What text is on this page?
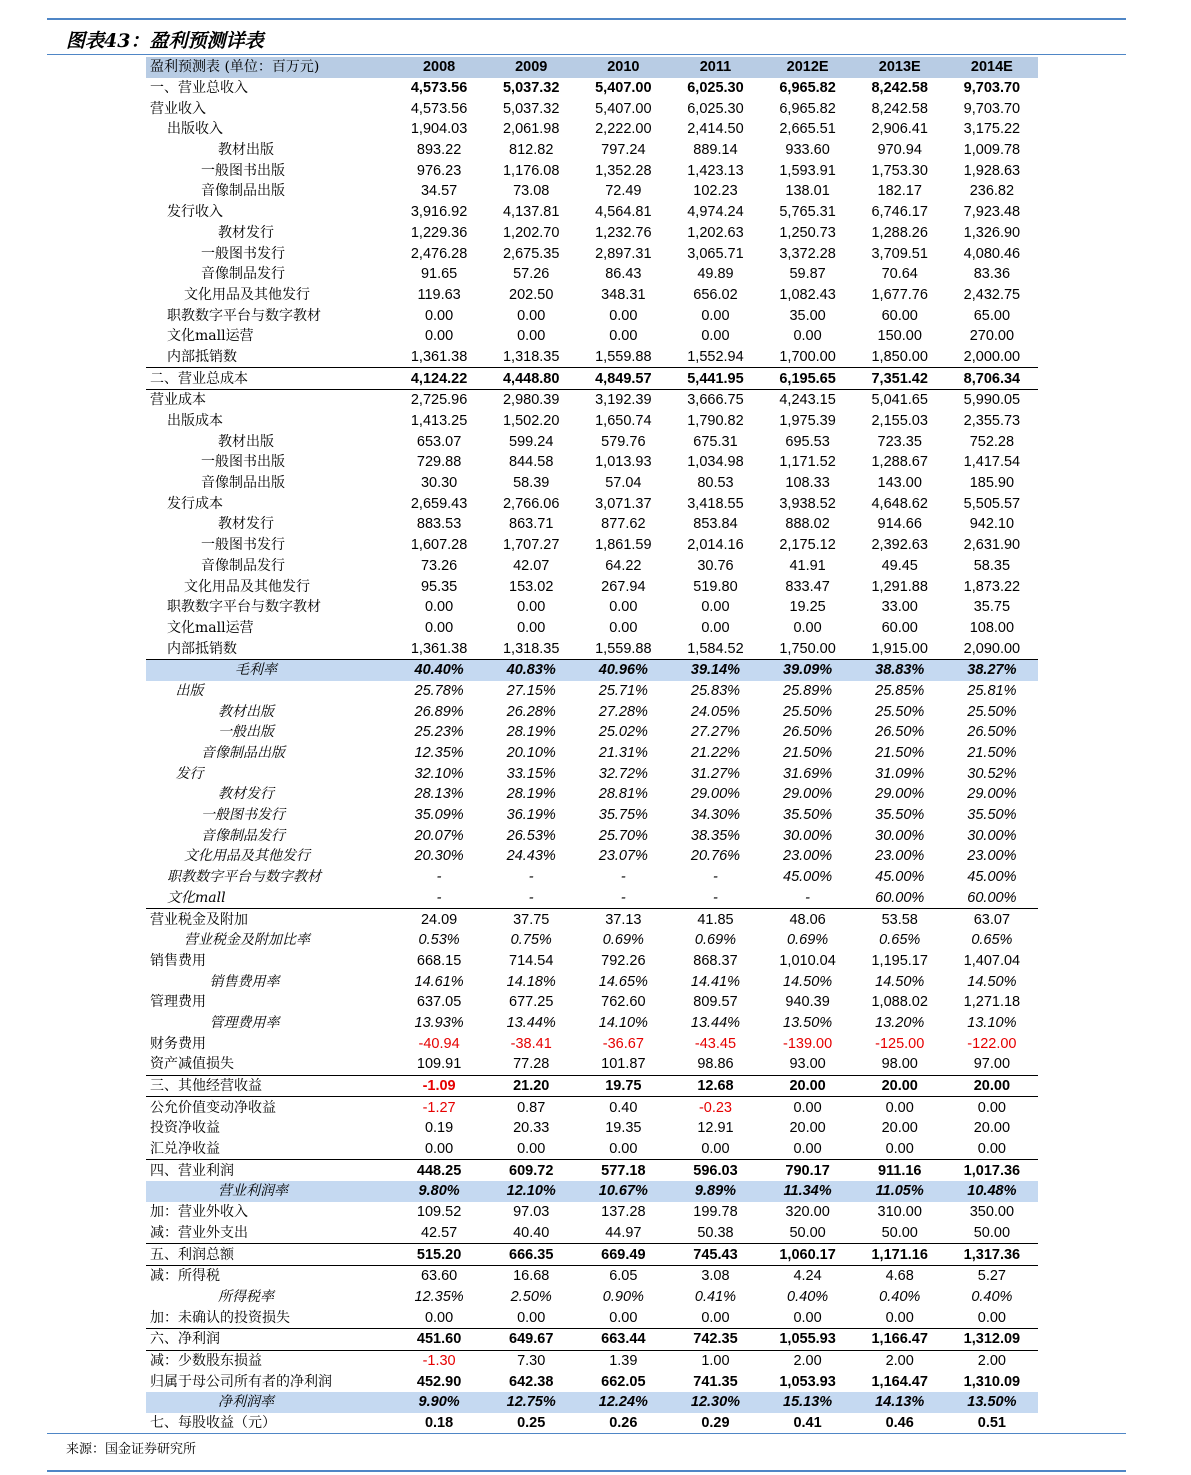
图表43：盈利预测详表
盈利预测表 (单位：百万元)	2008	2009	2010	2011	2012E	2013E	2014E
一、营业总收入	4,573.56	5,037.32	5,407.00	6,025.30	6,965.82	8,242.58	9,703.70
营业收入	4,573.56	5,037.32	5,407.00	6,025.30	6,965.82	8,242.58	9,703.70
出版收入	1,904.03	2,061.98	2,222.00	2,414.50	2,665.51	2,906.41	3,175.22
教材出版	893.22	812.82	797.24	889.14	933.60	970.94	1,009.78
一般图书出版	976.23	1,176.08	1,352.28	1,423.13	1,593.91	1,753.30	1,928.63
音像制品出版	34.57	73.08	72.49	102.23	138.01	182.17	236.82
发行收入	3,916.92	4,137.81	4,564.81	4,974.24	5,765.31	6,746.17	7,923.48
教材发行	1,229.36	1,202.70	1,232.76	1,202.63	1,250.73	1,288.26	1,326.90
一般图书发行	2,476.28	2,675.35	2,897.31	3,065.71	3,372.28	3,709.51	4,080.46
音像制品发行	91.65	57.26	86.43	49.89	59.87	70.64	83.36
文化用品及其他发行	119.63	202.50	348.31	656.02	1,082.43	1,677.76	2,432.75
职教数字平台与数字教材	0.00	0.00	0.00	0.00	35.00	60.00	65.00
文化mall运营	0.00	0.00	0.00	0.00	0.00	150.00	270.00
内部抵销数	1,361.38	1,318.35	1,559.88	1,552.94	1,700.00	1,850.00	2,000.00
二、营业总成本	4,124.22	4,448.80	4,849.57	5,441.95	6,195.65	7,351.42	8,706.34
营业成本	2,725.96	2,980.39	3,192.39	3,666.75	4,243.15	5,041.65	5,990.05
出版成本	1,413.25	1,502.20	1,650.74	1,790.82	1,975.39	2,155.03	2,355.73
教材出版	653.07	599.24	579.76	675.31	695.53	723.35	752.28
一般图书出版	729.88	844.58	1,013.93	1,034.98	1,171.52	1,288.67	1,417.54
音像制品出版	30.30	58.39	57.04	80.53	108.33	143.00	185.90
发行成本	2,659.43	2,766.06	3,071.37	3,418.55	3,938.52	4,648.62	5,505.57
教材发行	883.53	863.71	877.62	853.84	888.02	914.66	942.10
一般图书发行	1,607.28	1,707.27	1,861.59	2,014.16	2,175.12	2,392.63	2,631.90
音像制品发行	73.26	42.07	64.22	30.76	41.91	49.45	58.35
文化用品及其他发行	95.35	153.02	267.94	519.80	833.47	1,291.88	1,873.22
职教数字平台与数字教材	0.00	0.00	0.00	0.00	19.25	33.00	35.75
文化mall运营	0.00	0.00	0.00	0.00	0.00	60.00	108.00
内部抵销数	1,361.38	1,318.35	1,559.88	1,584.52	1,750.00	1,915.00	2,090.00
毛利率	40.40%	40.83%	40.96%	39.14%	39.09%	38.83%	38.27%
出版	25.78%	27.15%	25.71%	25.83%	25.89%	25.85%	25.81%
教材出版	26.89%	26.28%	27.28%	24.05%	25.50%	25.50%	25.50%
一般出版	25.23%	28.19%	25.02%	27.27%	26.50%	26.50%	26.50%
音像制品出版	12.35%	20.10%	21.31%	21.22%	21.50%	21.50%	21.50%
发行	32.10%	33.15%	32.72%	31.27%	31.69%	31.09%	30.52%
教材发行	28.13%	28.19%	28.81%	29.00%	29.00%	29.00%	29.00%
一般图书发行	35.09%	36.19%	35.75%	34.30%	35.50%	35.50%	35.50%
音像制品发行	20.07%	26.53%	25.70%	38.35%	30.00%	30.00%	30.00%
文化用品及其他发行	20.30%	24.43%	23.07%	20.76%	23.00%	23.00%	23.00%
职教数字平台与数字教材	-	-	-	-	45.00%	45.00%	45.00%
文化mall	-	-	-	-	-	60.00%	60.00%
营业税金及附加	24.09	37.75	37.13	41.85	48.06	53.58	63.07
营业税金及附加比率	0.53%	0.75%	0.69%	0.69%	0.69%	0.65%	0.65%
销售费用	668.15	714.54	792.26	868.37	1,010.04	1,195.17	1,407.04
销售费用率	14.61%	14.18%	14.65%	14.41%	14.50%	14.50%	14.50%
管理费用	637.05	677.25	762.60	809.57	940.39	1,088.02	1,271.18
管理费用率	13.93%	13.44%	14.10%	13.44%	13.50%	13.20%	13.10%
财务费用	-40.94	-38.41	-36.67	-43.45	-139.00	-125.00	-122.00
资产减值损失	109.91	77.28	101.87	98.86	93.00	98.00	97.00
三、其他经营收益	-1.09	21.20	19.75	12.68	20.00	20.00	20.00
公允价值变动净收益	-1.27	0.87	0.40	-0.23	0.00	0.00	0.00
投资净收益	0.19	20.33	19.35	12.91	20.00	20.00	20.00
汇兑净收益	0.00	0.00	0.00	0.00	0.00	0.00	0.00
四、营业利润	448.25	609.72	577.18	596.03	790.17	911.16	1,017.36
营业利润率	9.80%	12.10%	10.67%	9.89%	11.34%	11.05%	10.48%
加：营业外收入	109.52	97.03	137.28	199.78	320.00	310.00	350.00
减：营业外支出	42.57	40.40	44.97	50.38	50.00	50.00	50.00
五、利润总额	515.20	666.35	669.49	745.43	1,060.17	1,171.16	1,317.36
减：所得税	63.60	16.68	6.05	3.08	4.24	4.68	5.27
所得税率	12.35%	2.50%	0.90%	0.41%	0.40%	0.40%	0.40%
加：未确认的投资损失	0.00	0.00	0.00	0.00	0.00	0.00	0.00
六、净利润	451.60	649.67	663.44	742.35	1,055.93	1,166.47	1,312.09
减：少数股东损益	-1.30	7.30	1.39	1.00	2.00	2.00	2.00
归属于母公司所有者的净利润	452.90	642.38	662.05	741.35	1,053.93	1,164.47	1,310.09
净利润率	9.90%	12.75%	12.24%	12.30%	15.13%	14.13%	13.50%
七、每股收益（元）	0.18	0.25	0.26	0.29	0.41	0.46	0.51
来源：国金证券研究所
